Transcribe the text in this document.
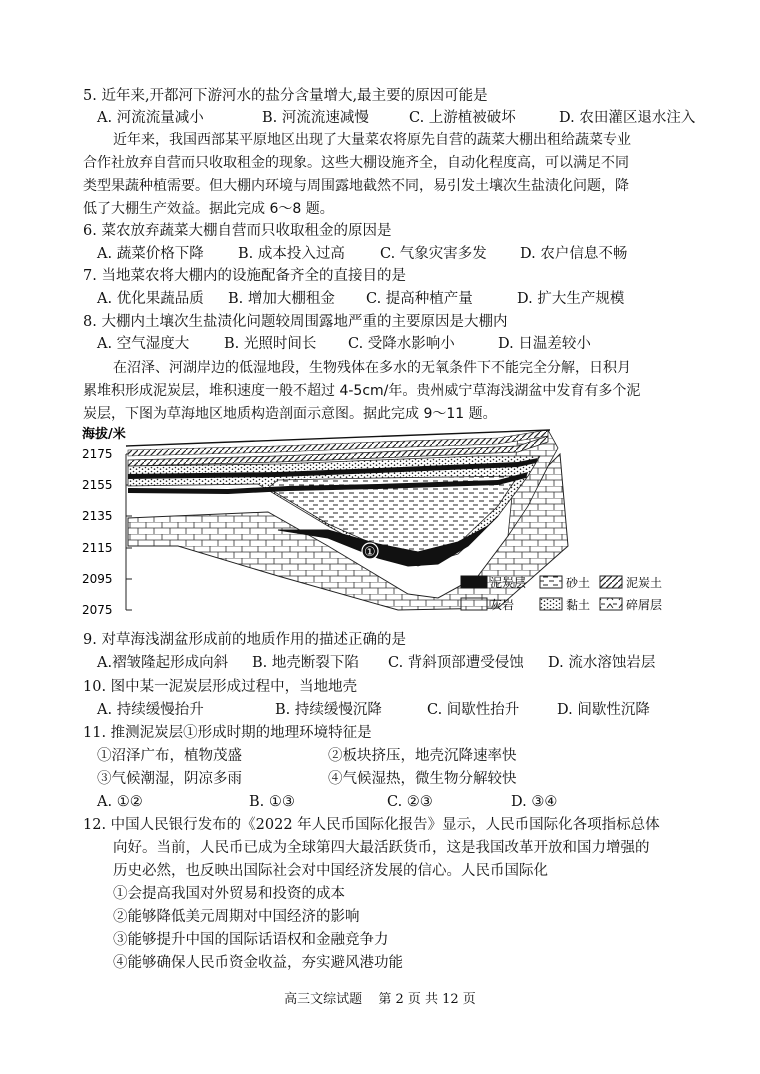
5. 近年来,开都河下游河水的盐分含量增大,最主要的原因可能是
A. 河流流量减小	B. 河流流速减慢	C. 上游植被破坏	D. 农田灌区退水注入
近年来，我国西部某平原地区出现了大量菜农将原先自营的蔬菜大棚出租给蔬菜专业
合作社放弃自营而只收取租金的现象。这些大棚设施齐全，自动化程度高，可以满足不同
类型果蔬种植需要。但大棚内环境与周围露地截然不同，易引发土壤次生盐渍化问题，降
低了大棚生产效益。据此完成 6～8 题。
6. 菜农放弃蔬菜大棚自营而只收取租金的原因是
A. 蔬菜价格下降 B. 成本投入过高 C. 气象灾害多发 D. 农户信息不畅
7. 当地菜农将大棚内的设施配备齐全的直接目的是
A. 优化果蔬品质 B. 增加大棚租金 C. 提高种植产量	D. 扩大生产规模
8. 大棚内土壤次生盐渍化问题较周围露地严重的主要原因是大棚内
A. 空气湿度大 B. 光照时间长 C. 受降水影响小	D. 日温差较小
在沼泽、河湖岸边的低湿地段，生物残体在多水的无氧条件下不能完全分解，日积月
累堆积形成泥炭层，堆积速度一般不超过 4-5cm/年。贵州威宁草海浅湖盆中发育有多个泥
炭层，下图为草海地区地质构造剖面示意图。据此完成 9～11 题。
海拔/米
2175
2155
2135
2115
2095
2075
①
泥炭层	砂土	泥炭土
灰岩	黏土	碎屑层
9. 对草海浅湖盆形成前的地质作用的描述正确的是
A.褶皱隆起形成向斜 B. 地壳断裂下陷 C. 背斜顶部遭受侵蚀 D. 流水溶蚀岩层
10. 图中某一泥炭层形成过程中，当地地壳
A. 持续缓慢抬升	B. 持续缓慢沉降	C. 间歇性抬升	D. 间歇性沉降
11. 推测泥炭层①形成时期的地理环境特征是
①沼泽广布，植物茂盛	②板块挤压，地壳沉降速率快
③气候潮湿，阴凉多雨	④气候湿热，微生物分解较快
A. ①②	B. ①③	C. ②③	D. ③④
12. 中国人民银行发布的《2022 年人民币国际化报告》显示，人民币国际化各项指标总体
向好。当前，人民币已成为全球第四大最活跃货币，这是我国改革开放和国力增强的
历史必然，也反映出国际社会对中国经济发展的信心。人民币国际化
①会提高我国对外贸易和投资的成本
②能够降低美元周期对中国经济的影响
③能够提升中国的国际话语权和金融竞争力
④能够确保人民币资金收益，夯实避风港功能
高三文综试题 第 2 页 共 12 页
